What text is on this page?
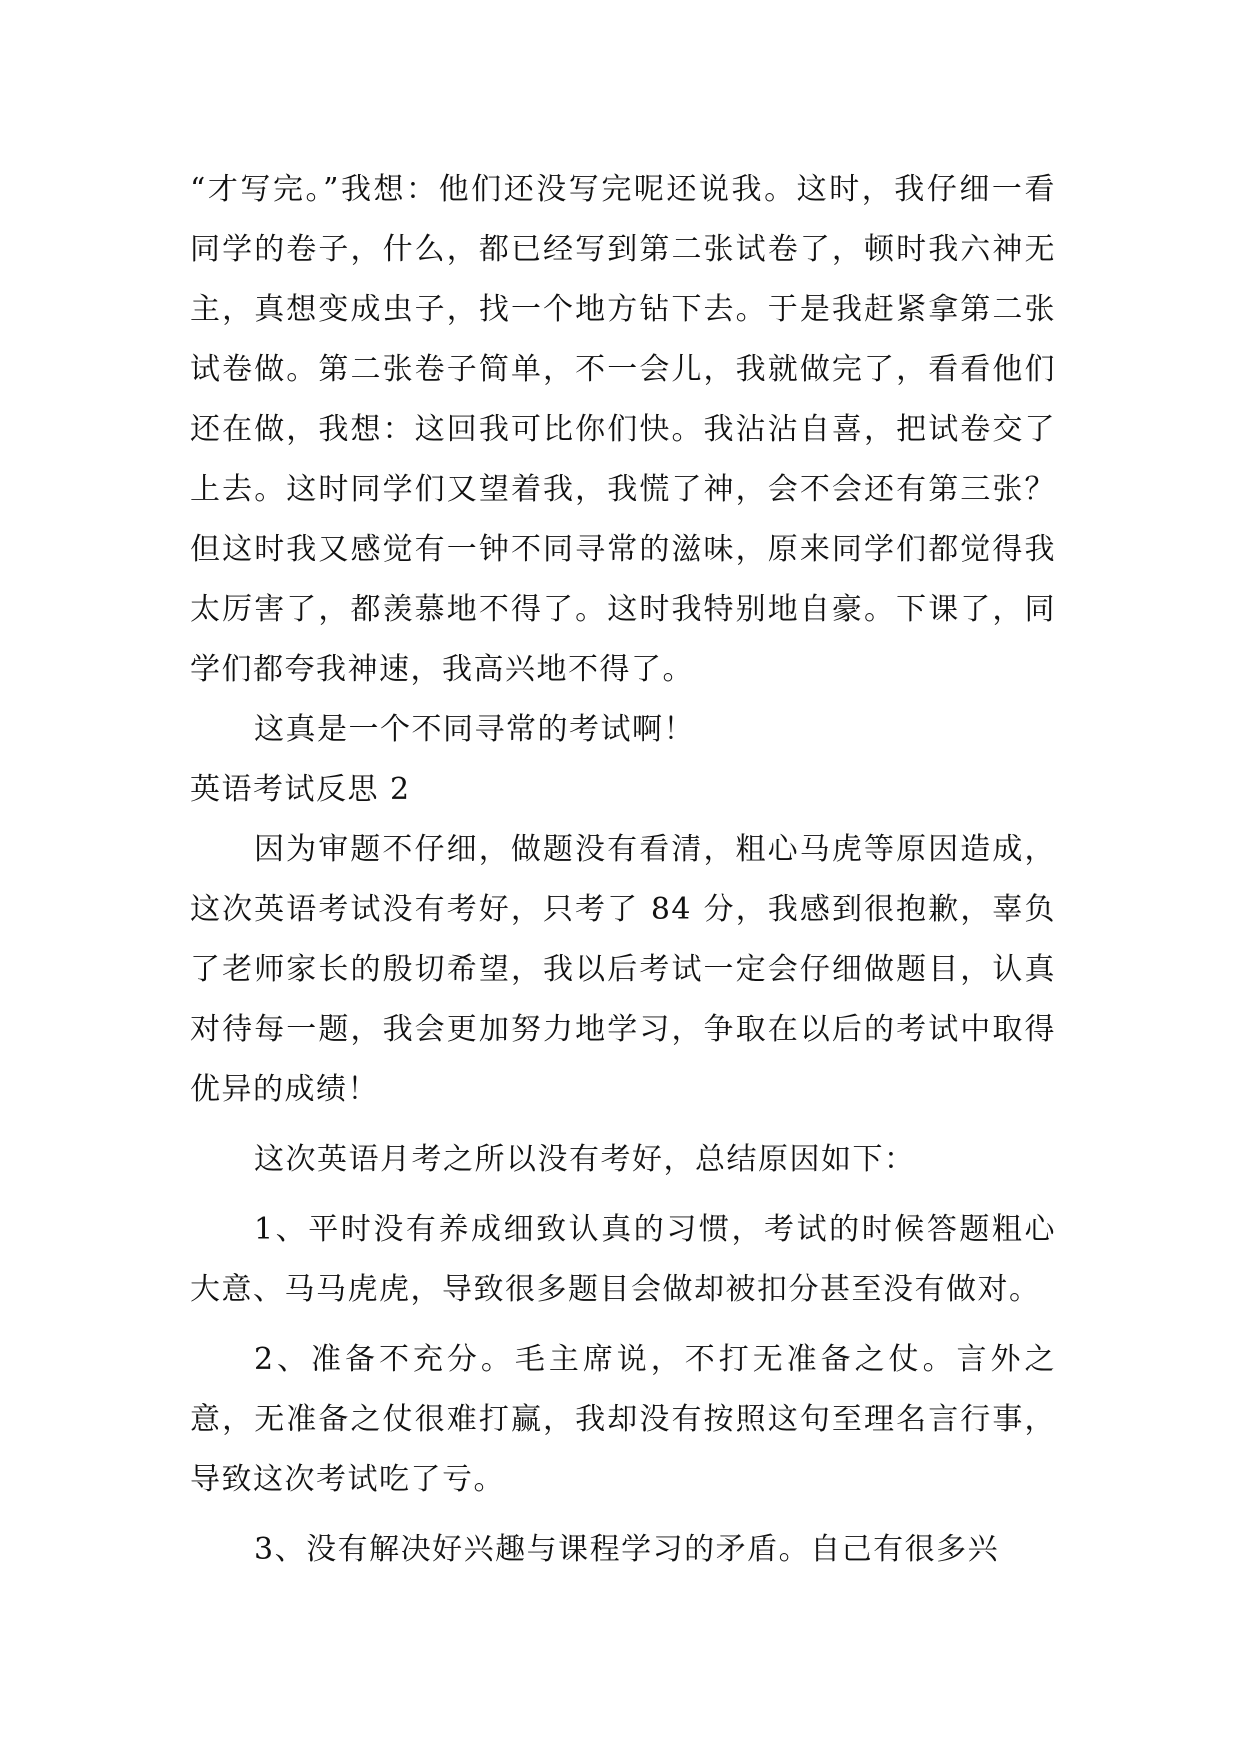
“才写完。”我想：他们还没写完呢还说我。这时，我仔细一看同学的卷子，什么，都已经写到第二张试卷了，顿时我六神无主，真想变成虫子，找一个地方钻下去。于是我赶紧拿第二张试卷做。第二张卷子简单，不一会儿，我就做完了，看看他们还在做，我想：这回我可比你们快。我沾沾自喜，把试卷交了上去。这时同学们又望着我，我慌了神，会不会还有第三张？但这时我又感觉有一钟不同寻常的滋味，原来同学们都觉得我太厉害了，都羡慕地不得了。这时我特别地自豪。下课了，同学们都夸我神速，我高兴地不得了。

这真是一个不同寻常的考试啊！

英语考试反思 2

因为审题不仔细，做题没有看清，粗心马虎等原因造成，这次英语考试没有考好，只考了 84 分，我感到很抱歉，辜负了老师家长的殷切希望，我以后考试一定会仔细做题目，认真对待每一题，我会更加努力地学习，争取在以后的考试中取得优异的成绩！

这次英语月考之所以没有考好，总结原因如下：

1、平时没有养成细致认真的习惯，考试的时候答题粗心大意、马马虎虎，导致很多题目会做却被扣分甚至没有做对。

2、准备不充分。毛主席说，不打无准备之仗。言外之意，无准备之仗很难打赢，我却没有按照这句至理名言行事，导致这次考试吃了亏。

3、没有解决好兴趣与课程学习的矛盾。自己有很多兴
